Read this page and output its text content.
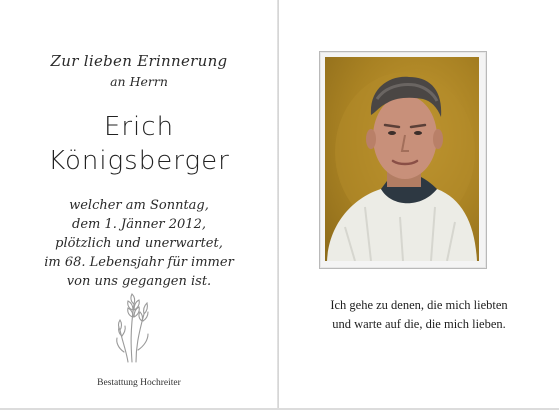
Zur lieben Erinnerung
an Herrn
Erich
Königsberger
welcher am Sonntag,
dem 1. Jänner 2012,
plötzlich und unerwartet,
im 68. Lebensjahr für immer
von uns gegangen ist.
Bestattung Hochreiter
Ich gehe zu denen, die mich liebten
und warte auf die, die mich lieben.
